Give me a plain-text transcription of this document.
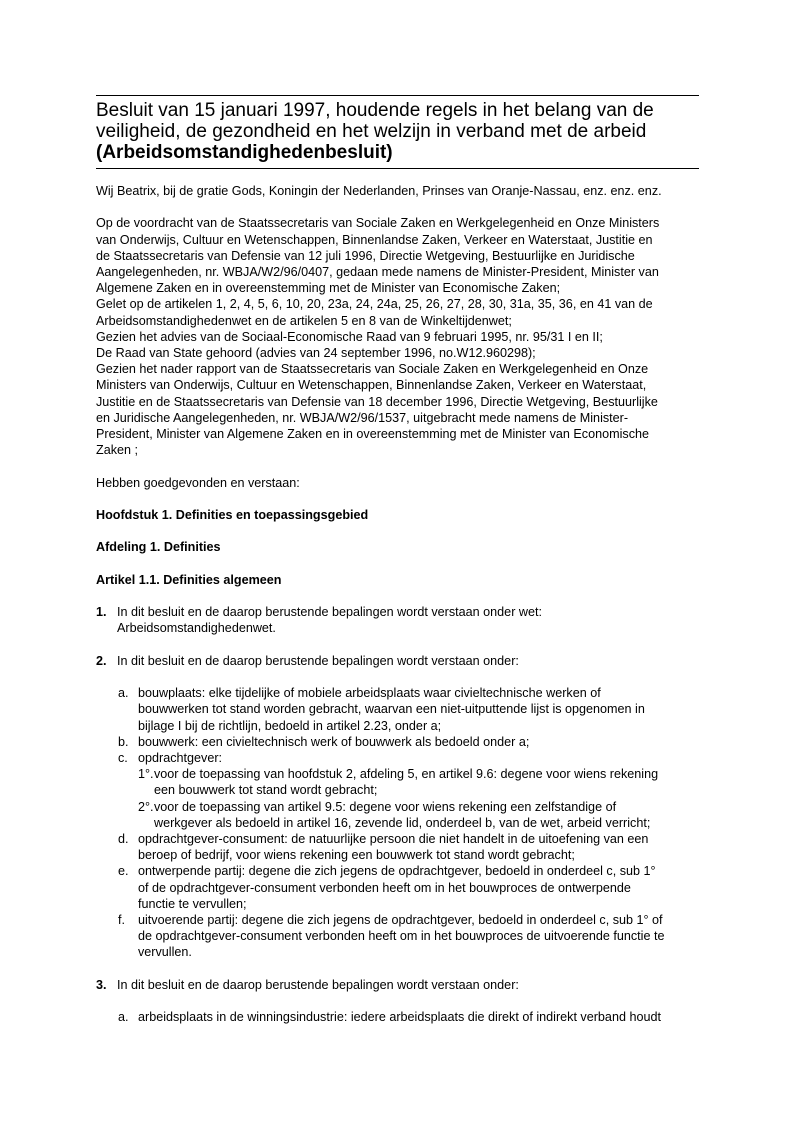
Besluit van 15 januari 1997, houdende regels in het belang van de
veiligheid, de gezondheid en het welzijn in verband met de arbeid
(Arbeidsomstandighedenbesluit)

Wij Beatrix, bij de gratie Gods, Koningin der Nederlanden, Prinses van Oranje-Nassau, enz. enz. enz.

Op de voordracht van de Staatssecretaris van Sociale Zaken en Werkgelegenheid en Onze Ministers
van Onderwijs, Cultuur en Wetenschappen, Binnenlandse Zaken, Verkeer en Waterstaat, Justitie en
de Staatssecretaris van Defensie van 12 juli 1996, Directie Wetgeving, Bestuurlijke en Juridische
Aangelegenheden, nr. WBJA/W2/96/0407, gedaan mede namens de Minister-President, Minister van
Algemene Zaken en in overeenstemming met de Minister van Economische Zaken;
Gelet op de artikelen 1, 2, 4, 5, 6, 10, 20, 23a, 24, 24a, 25, 26, 27, 28, 30, 31a, 35, 36, en 41 van de
Arbeidsomstandighedenwet en de artikelen 5 en 8 van de Winkeltijdenwet;
Gezien het advies van de Sociaal-Economische Raad van 9 februari 1995, nr. 95/31 I en II;
De Raad van State gehoord (advies van 24 september 1996, no.W12.960298);
Gezien het nader rapport van de Staatssecretaris van Sociale Zaken en Werkgelegenheid en Onze
Ministers van Onderwijs, Cultuur en Wetenschappen, Binnenlandse Zaken, Verkeer en Waterstaat,
Justitie en de Staatssecretaris van Defensie van 18 december 1996, Directie Wetgeving, Bestuurlijke
en Juridische Aangelegenheden, nr. WBJA/W2/96/1537, uitgebracht mede namens de Minister-
President, Minister van Algemene Zaken en in overeenstemming met de Minister van Economische
Zaken ;

Hebben goedgevonden en verstaan:

Hoofdstuk 1. Definities en toepassingsgebied

Afdeling 1. Definities

Artikel 1.1. Definities algemeen

1. In dit besluit en de daarop berustende bepalingen wordt verstaan onder wet:
Arbeidsomstandighedenwet.
2. In dit besluit en de daarop berustende bepalingen wordt verstaan onder:
a. bouwplaats: elke tijdelijke of mobiele arbeidsplaats waar civieltechnische werken of
bouwwerken tot stand worden gebracht, waarvan een niet-uitputtende lijst is opgenomen in
bijlage I bij de richtlijn, bedoeld in artikel 2.23, onder a;
b. bouwwerk: een civieltechnisch werk of bouwwerk als bedoeld onder a;
c. opdrachtgever:
1°. voor de toepassing van hoofdstuk 2, afdeling 5, en artikel 9.6: degene voor wiens rekening
een bouwwerk tot stand wordt gebracht;
2°. voor de toepassing van artikel 9.5: degene voor wiens rekening een zelfstandige of
werkgever als bedoeld in artikel 16, zevende lid, onderdeel b, van de wet, arbeid verricht;
d. opdrachtgever-consument: de natuurlijke persoon die niet handelt in de uitoefening van een
beroep of bedrijf, voor wiens rekening een bouwwerk tot stand wordt gebracht;
e. ontwerpende partij: degene die zich jegens de opdrachtgever, bedoeld in onderdeel c, sub 1°
of de opdrachtgever-consument verbonden heeft om in het bouwproces de ontwerpende
functie te vervullen;
f. uitvoerende partij: degene die zich jegens de opdrachtgever, bedoeld in onderdeel c, sub 1° of
de opdrachtgever-consument verbonden heeft om in het bouwproces de uitvoerende functie te
vervullen.
3. In dit besluit en de daarop berustende bepalingen wordt verstaan onder:
a. arbeidsplaats in de winningsindustrie: iedere arbeidsplaats die direkt of indirekt verband houdt
